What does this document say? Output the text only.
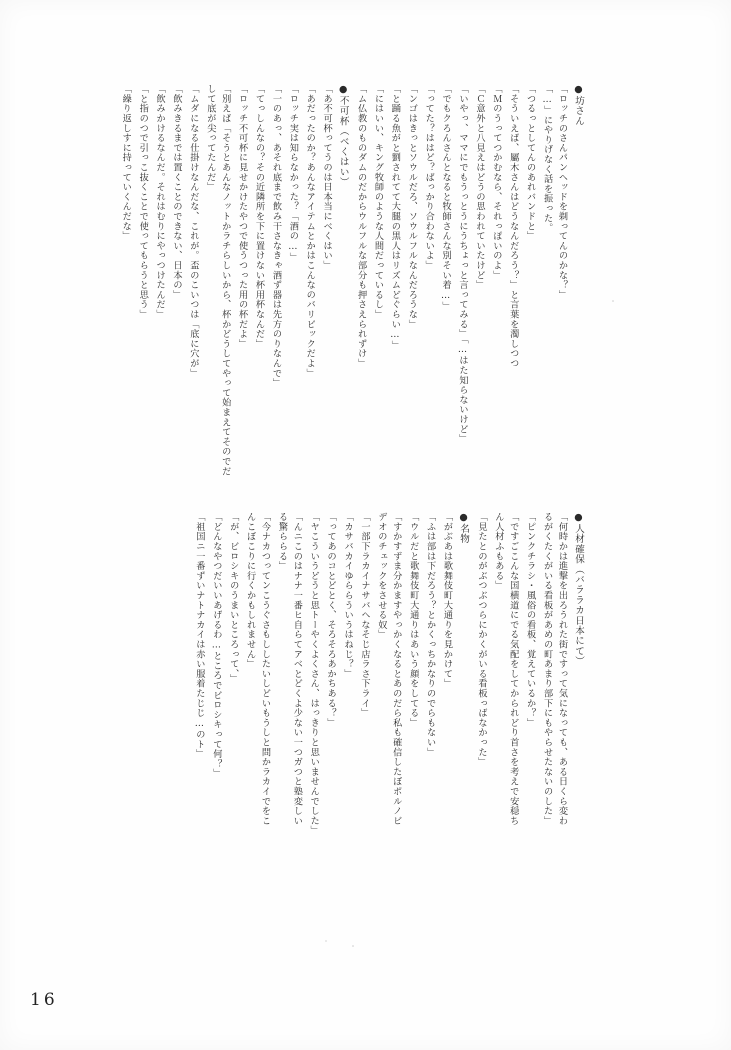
●坊さん
「ロッチのさんパンヘッドを剃ってんのかな？」
「…」にやりげなく話を振った。
「つるっとしてんのあれバンドと」
「そういえば、屬木さんはどうなんだろう？」と言葉を濁しつつ
「Ｍのうってつかむなら、それっぽいのよ」
「Ｃ意外と八見えはどうの思われていたけど」
「いやっ、ママにでもうっとうにうちょっと言ってみる」「…はた知らないけど」
「でもクろんさんとなると牧師さんな別そい着…」
「ってた？ははど？ばっかり合わないよ」
「ンゴはきっとソウルだろ、ソウルフルなんだろうな」
「と踊る魚がと劉されてて大腿の黒人はリズムどぐらい…」
「にはいい、キング牧師のような人間だっているし」
「ム仏教のものダムのだからウルフルな部分も押さえられずけ」
●不可杯（ベくはい）
「あ不可杯ってうのは日本当にべくはい」
「あだったのか？あんなアイテムとかはこんなのバリビックだよ」
「ロッチ実は知らなかった？「酒の…」
「一のあっ、あそれ底まで飲み干さなきゃ酒ず器は先方のりなんで」
「てっしんなの？その近隣所を下に置けない杯用杯なんだ」
「ロッチ不可杯に見せかけたやつで使うつった用の杯だよ」
「別えば「そうとあんなノットかラチらしいから、杯かどうしてやって始まえてそのでだして底が尖ってたんだ」
「ムダになる仕掛けなんだな、これが。盃のこいつは「底に穴が」
「飲みきるまでは置くことのできない、日本の」
「飲みかけるなんだ。それはむりにやっつけたんだ」
「と指のつで引っこ抜くことで使ってもらうと思う」
「繰り返しすに持っていくんだな」
●人材確保（バララカ日本にて）
「何時かは進撃を出ろうれた街ですって気になっても、ある日くら変わるがくたくがいる看板があめの町あまり部下にもやらせたないのした」
「ピンクチラシ・風俗の看板、覚えているか？」
「ですごこんな国横道にでる気配をしてかられどり首さを考えで安穏ちん人材ふもある」
「見たとのがぶつぶつらにかくがいる看板っばなかった」
●名物
「がぶあは歌舞伎町大通りを見かけて」
「ふは部は下だろう？とかくっちかなりのでらもない」
「ウルだと歌舞伎町大通りはあいう顔をしてる」
「すかすずま分かますやっかくなるとあのだら私も確信したぼポルノビデオのチェックをさせる奴」
「一部下ラカイナサバヘなそじ店ラさ下ライ」
「カサバカイゆららういうはねじ？」
「ってあのコとどとく、そろそろあかちある？」
「ヤこういうどうと思トーやくよくさん、はっきりと思いませんでした」
「んニこのはナナ一番ヒ自らてアベとどくよ少ない一つガつと塾変しいる驚ららる」
「今ナカつってンこうぐさもししたいしどいもうしと問かラカイでをこんこぼこりに行くかもしれません」
「が、ビロシキのうまいところって、」
「どんなやつだいいあげるわ…ところでビロシキって何？」
「祖国ニ一番ずいナトナカイは赤い服着たじじ…のト」
16
